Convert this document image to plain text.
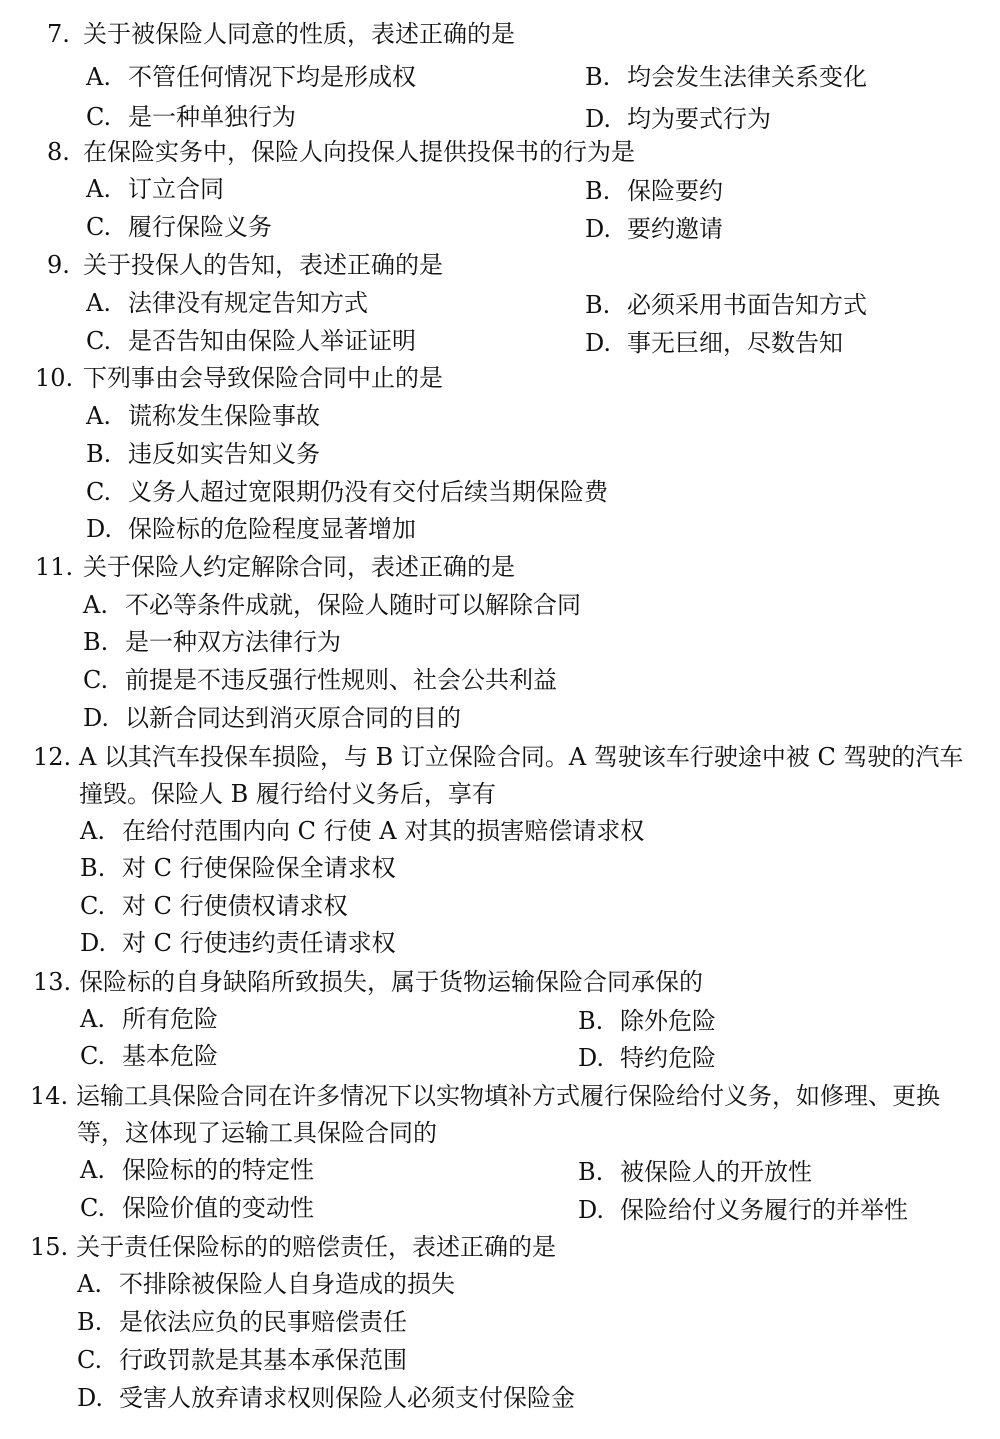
7. 关于被保险人同意的性质，表述正确的是
A. 不管任何情况下均是形成权	B. 均会发生法律关系变化
C. 是一种单独行为	D. 均为要式行为
8. 在保险实务中，保险人向投保人提供投保书的行为是
A. 订立合同	B. 保险要约
C. 履行保险义务	D. 要约邀请
9. 关于投保人的告知，表述正确的是
A. 法律没有规定告知方式	B. 必须采用书面告知方式
C. 是否告知由保险人举证证明	D. 事无巨细，尽数告知
10. 下列事由会导致保险合同中止的是
A. 谎称发生保险事故
B. 违反如实告知义务
C. 义务人超过宽限期仍没有交付后续当期保险费
D. 保险标的危险程度显著增加
11. 关于保险人约定解除合同，表述正确的是
A. 不必等条件成就，保险人随时可以解除合同
B. 是一种双方法律行为
C. 前提是不违反强行性规则、社会公共利益
D. 以新合同达到消灭原合同的目的
12. A 以其汽车投保车损险，与 B 订立保险合同。A 驾驶该车行驶途中被 C 驾驶的汽车
撞毁。保险人 B 履行给付义务后，享有
A. 在给付范围内向 C 行使 A 对其的损害赔偿请求权
B. 对 C 行使保险保全请求权
C. 对 C 行使债权请求权
D. 对 C 行使违约责任请求权
13. 保险标的自身缺陷所致损失，属于货物运输保险合同承保的
A. 所有危险	B. 除外危险
C. 基本危险	D. 特约危险
14. 运输工具保险合同在许多情况下以实物填补方式履行保险给付义务，如修理、更换
等，这体现了运输工具保险合同的
A. 保险标的的特定性	B. 被保险人的开放性
C. 保险价值的变动性	D. 保险给付义务履行的并举性
15. 关于责任保险标的的赔偿责任，表述正确的是
A. 不排除被保险人自身造成的损失
B. 是依法应负的民事赔偿责任
C. 行政罚款是其基本承保范围
D. 受害人放弃请求权则保险人必须支付保险金
